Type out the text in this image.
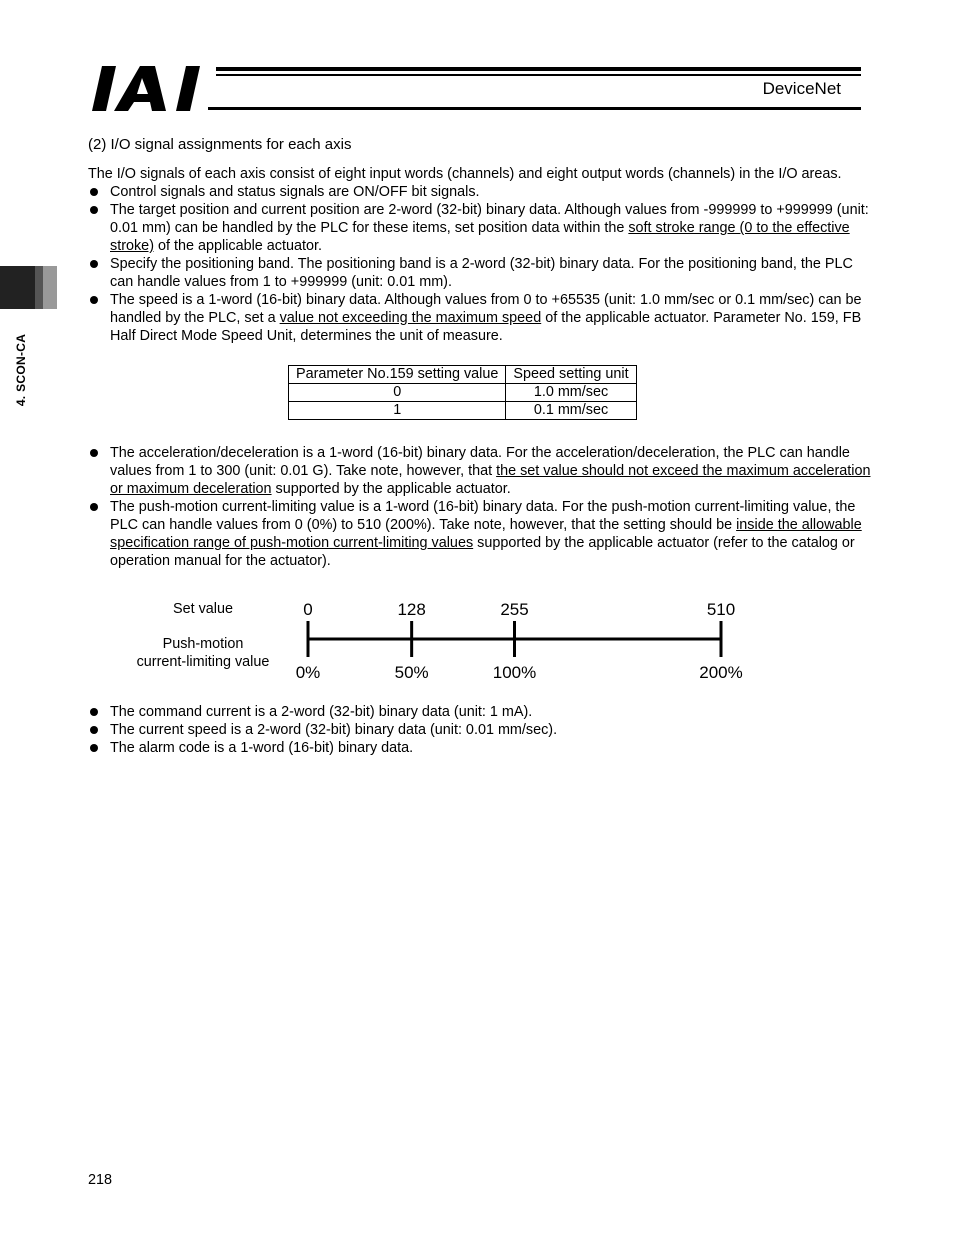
DeviceNet
4. SCON-CA
(2) I/O signal assignments for each axis

The I/O signals of each axis consist of eight input words (channels) and eight output words (channels) in the I/O areas.

Control signals and status signals are ON/OFF bit signals.
The target position and current position are 2-word (32-bit) binary data. Although values from -999999 to +999999 (unit: 0.01 mm) can be handled by the PLC for these items, set position data within the soft stroke range (0 to the effective stroke) of the applicable actuator.
Specify the positioning band. The positioning band is a 2-word (32-bit) binary data. For the positioning band, the PLC can handle values from 1 to +999999 (unit: 0.01 mm).
The speed is a 1-word (16-bit) binary data. Although values from 0 to +65535 (unit: 1.0 mm/sec or 0.1 mm/sec) can be handled by the PLC, set a value not exceeding the maximum speed of the applicable actuator. Parameter No. 159, FB Half Direct Mode Speed Unit, determines the unit of measure.
Parameter No.159 setting value	Speed setting unit
0	1.0 mm/sec
1	0.1 mm/sec
The acceleration/deceleration is a 1-word (16-bit) binary data. For the acceleration/deceleration, the PLC can handle values from 1 to 300 (unit: 0.01 G). Take note, however, that the set value should not exceed the maximum acceleration or maximum deceleration supported by the applicable actuator.
The push-motion current-limiting value is a 1-word (16-bit) binary data. For the push-motion current-limiting value, the PLC can handle values from 0 (0%) to 510 (200%). Take note, however, that the setting should be inside the allowable specification range of push-motion current-limiting values supported by the applicable actuator (refer to the catalog or operation manual for the actuator).
Set value
Push-motion
current-limiting value
0
0%
128
50%
255
100%
510
200%
The command current is a 2-word (32-bit) binary data (unit: 1 mA).
The current speed is a 2-word (32-bit) binary data (unit: 0.01 mm/sec).
The alarm code is a 1-word (16-bit) binary data.
218
